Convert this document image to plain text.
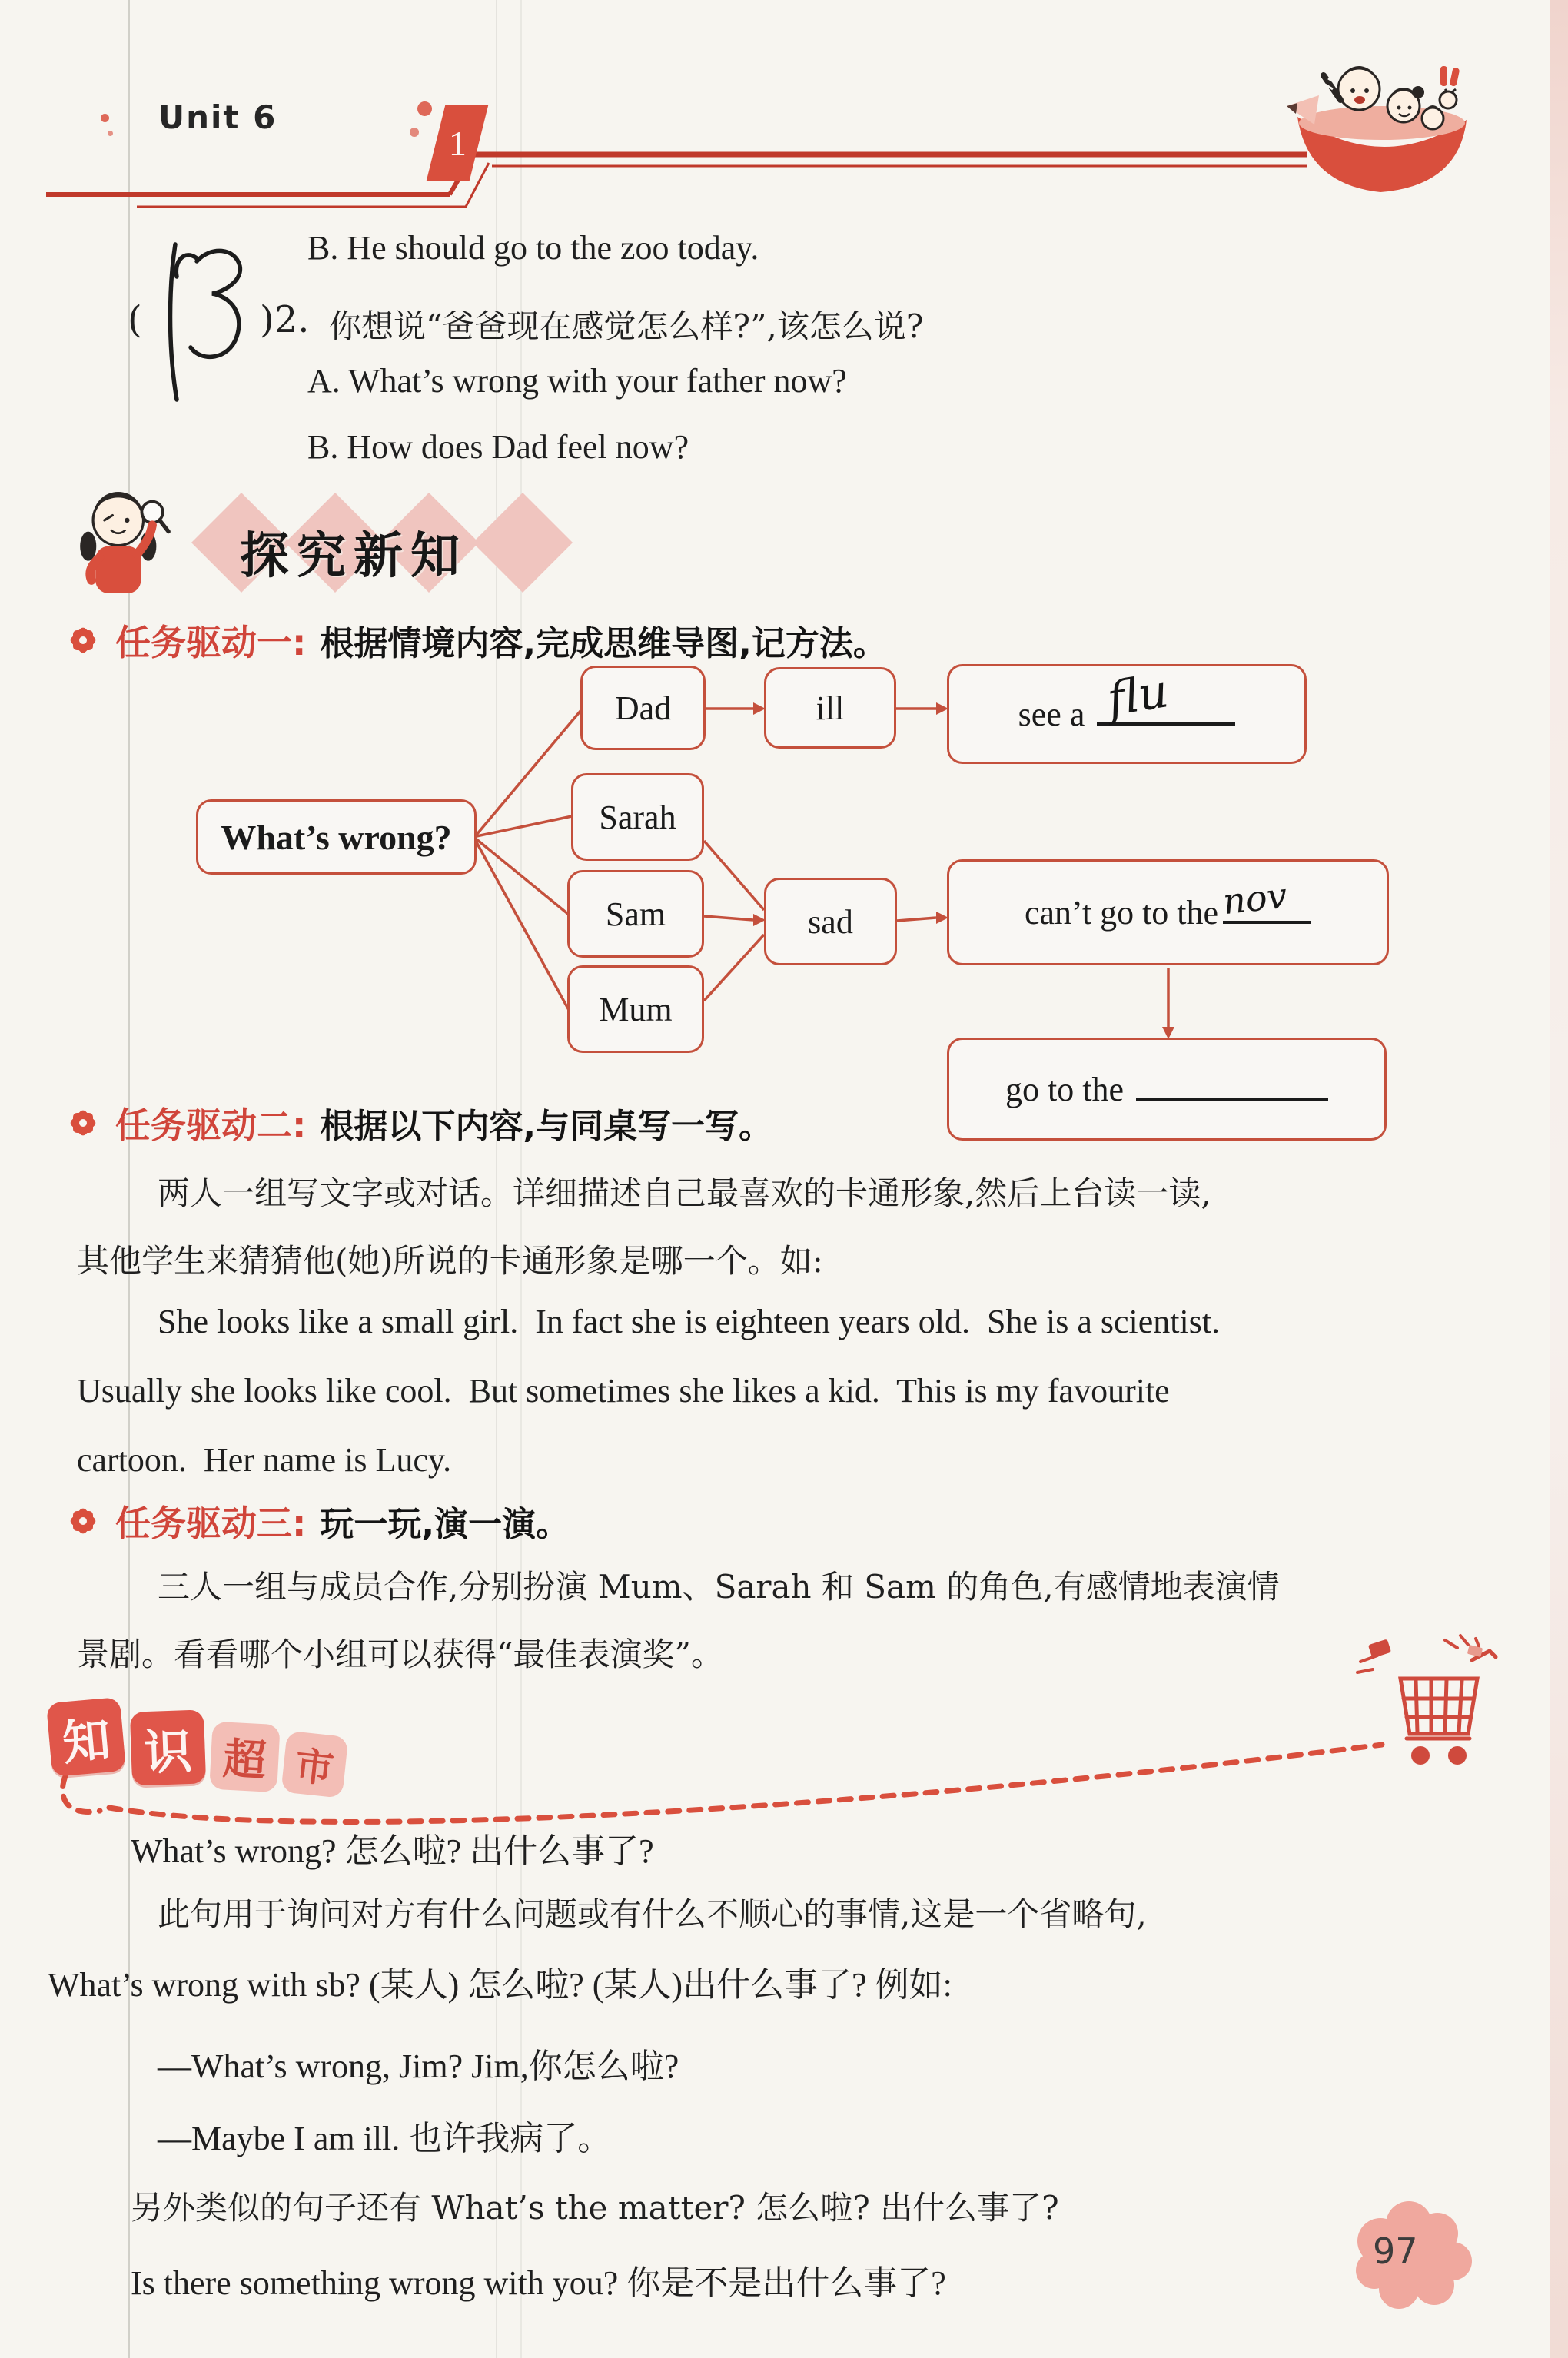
Unit 6
1
B. He should go to the zoo today.
(	)2. 你想说“爸爸现在感觉怎么样?”,该怎么说?
A. What’s wrong with your father now?
B. How does Dad feel now?
探究新知
任务驱动一: 根据情境内容,完成思维导图,记方法。
What’s wrong?
Dad	ill	see a flu
Sarah
Sam	sad	can’t go to the nov
Mum
go to the
任务驱动二: 根据以下内容,与同桌写一写。
两人一组写文字或对话。详细描述自己最喜欢的卡通形象,然后上台读一读,
其他学生来猜猜他(她)所说的卡通形象是哪一个。如:
She looks like a small girl.  In fact she is eighteen years old.  She is a scientist.
Usually she looks like cool.  But sometimes she likes a kid.  This is my favourite
cartoon.  Her name is Lucy.
任务驱动三: 玩一玩,演一演。
三人一组与成员合作,分别扮演 Mum、Sarah 和 Sam 的角色,有感情地表演情
景剧。看看哪个小组可以获得“最佳表演奖”。
知 识 超 市
What’s wrong? 怎么啦? 出什么事了?
此句用于询问对方有什么问题或有什么不顺心的事情,这是一个省略句,
What’s wrong with sb? (某人) 怎么啦? (某人)出什么事了? 例如:
—What’s wrong, Jim? Jim,你怎么啦?
—Maybe I am ill. 也许我病了。
另外类似的句子还有 What’s the matter? 怎么啦? 出什么事了?
Is there something wrong with you? 你是不是出什么事了?
97
